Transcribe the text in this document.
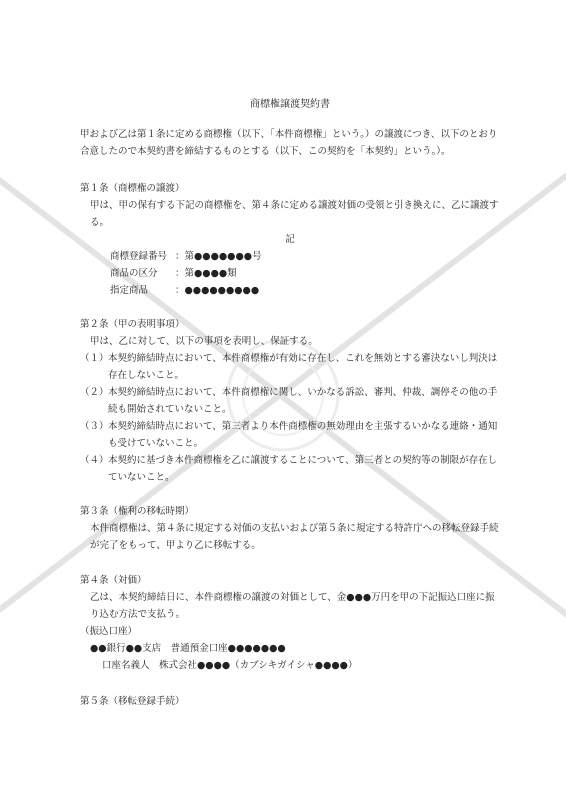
商標権譲渡契約書

甲および乙は第１条に定める商標権（以下、「本件商標権」という。）の譲渡につき、以下のとおり合意したので本契約書を締結するものとする（以下、この契約を「本契約」という。）。

第１条（商標権の譲渡）

甲は、甲の保有する下記の商標権を、第４条に定める譲渡対価の受領と引き換えに、乙に譲渡する。

記

商標登録番号 ：第●●●●●●●号
商品の区分	：第●●●●類
指定商品	：●●●●●●●●●

第２条（甲の表明事項）

甲は、乙に対して、以下の事項を表明し、保証する。

（１） 本契約締結時点において、本件商標権が有効に存在し、これを無効とする審決ないし判決は存在しないこと。
（２） 本契約締結時点において、本件商標権に関し、いかなる訴訟、審判、仲裁、調停その他の手続も開始されていないこと。
（３） 本契約締結時点において、第三者より本件商標権の無効理由を主張するいかなる連絡・通知も受けていないこと。
（４） 本契約に基づき本件商標権を乙に譲渡することについて、第三者との契約等の制限が存在していないこと。

第３条（権利の移転時期）

本件商標権は、第４条に規定する対価の支払いおよび第５条に規定する特許庁への移転登録手続が完了をもって、甲より乙に移転する。

第４条（対価）

乙は、本契約締結日に、本件商標権の譲渡の対価として、金●●●万円を甲の下記振込口座に振り込む方法で支払う。

（振込口座）

●●銀行●●支店　普通預金口座●●●●●●●

口座名義人　株式会社●●●●（カブシキガイシャ●●●●）

第５条（移転登録手続）
